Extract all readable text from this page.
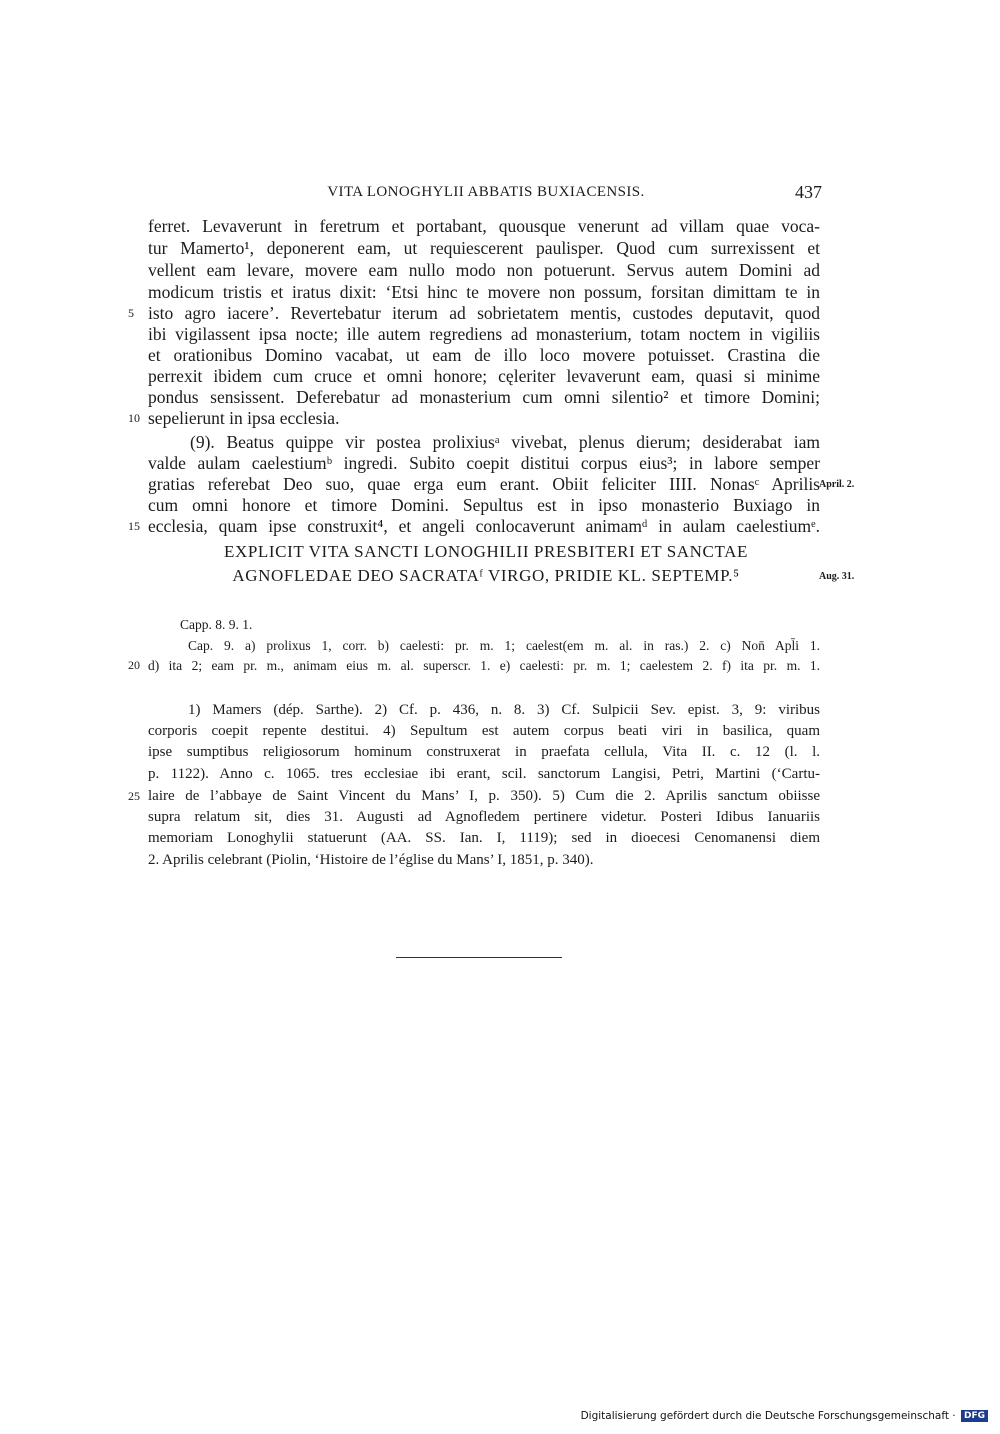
VITA LONOGHYLII ABBATIS BUXIACENSIS.	437
ferret. Levaverunt in feretrum et portabant, quousque venerunt ad villam quae voca-
tur Mamerto¹, deponerent eam, ut requiescerent paulisper. Quod cum surrexissent et
vellent eam levare, movere eam nullo modo non potuerunt. Servus autem Domini ad
modicum tristis et iratus dixit: ‘Etsi hinc te movere non possum, forsitan dimittam te in
isto agro iacere’. Revertebatur iterum ad sobrietatem mentis, custodes deputavit, quod
ibi vigilassent ipsa nocte; ille autem regrediens ad monasterium, totam noctem in vigiliis
et orationibus Domino vacabat, ut eam de illo loco movere potuisset. Crastina die
perrexit ibidem cum cruce et omni honore; cęleriter levaverunt eam, quasi si minime
pondus sensissent. Deferebatur ad monasterium cum omni silentio² et timore Domini;
sepelierunt in ipsa ecclesia.
(9). Beatus quippe vir postea prolixiusᵃ vivebat, plenus dierum; desiderabat iam
valde aulam caelestiumᵇ ingredi. Subito coepit distitui corpus eius³; in labore semper
gratias referebat Deo suo, quae erga eum erant. Obiit feliciter IIII. Nonasᶜ Aprilis
cum omni honore et timore Domini. Sepultus est in ipso monasterio Buxiago in
ecclesia, quam ipse construxit⁴, et angeli conlocaverunt animamᵈ in aulam caelestiumᵉ.
5
10
15
20
25
April. 2.
Aug. 31.
EXPLICIT VITA SANCTI LONOGHILII PRESBITERI ET SANCTAE
AGNOFLEDAE DEO SACRATAᶠ VIRGO, PRIDIE KL. SEPTEMP.⁵
Capp. 8. 9. 1.
Cap. 9. a) prolixus 1, corr. b) caelesti: pr. m. 1; caelest(em m. al. in ras.) 2. c) Non̄ Apl̄i 1.
d) ita 2; eam pr. m., animam eius m. al. superscr. 1. e) caelesti: pr. m. 1; caelestem 2. f) ita pr. m. 1.
1) Mamers (dép. Sarthe). 2) Cf. p. 436, n. 8. 3) Cf. Sulpicii Sev. epist. 3, 9: viribus
corporis coepit repente destitui. 4) Sepultum est autem corpus beati viri in basilica, quam
ipse sumptibus religiosorum hominum construxerat in praefata cellula, Vita II. c. 12 (l. l.
p. 1122). Anno c. 1065. tres ecclesiae ibi erant, scil. sanctorum Langisi, Petri, Martini (‘Cartu-
laire de l’abbaye de Saint Vincent du Mans’ I, p. 350). 5) Cum die 2. Aprilis sanctum obiisse
supra relatum sit, dies 31. Augusti ad Agnofledem pertinere videtur. Posteri Idibus Ianuariis
memoriam Lonoghylii statuerunt (AA. SS. Ian. I, 1119); sed in dioecesi Cenomanensi diem
2. Aprilis celebrant (Piolin, ‘Histoire de l’église du Mans’ I, 1851, p. 340).
Digitalisierung gefördert durch die Deutsche Forschungsgemeinschaft · DFG
